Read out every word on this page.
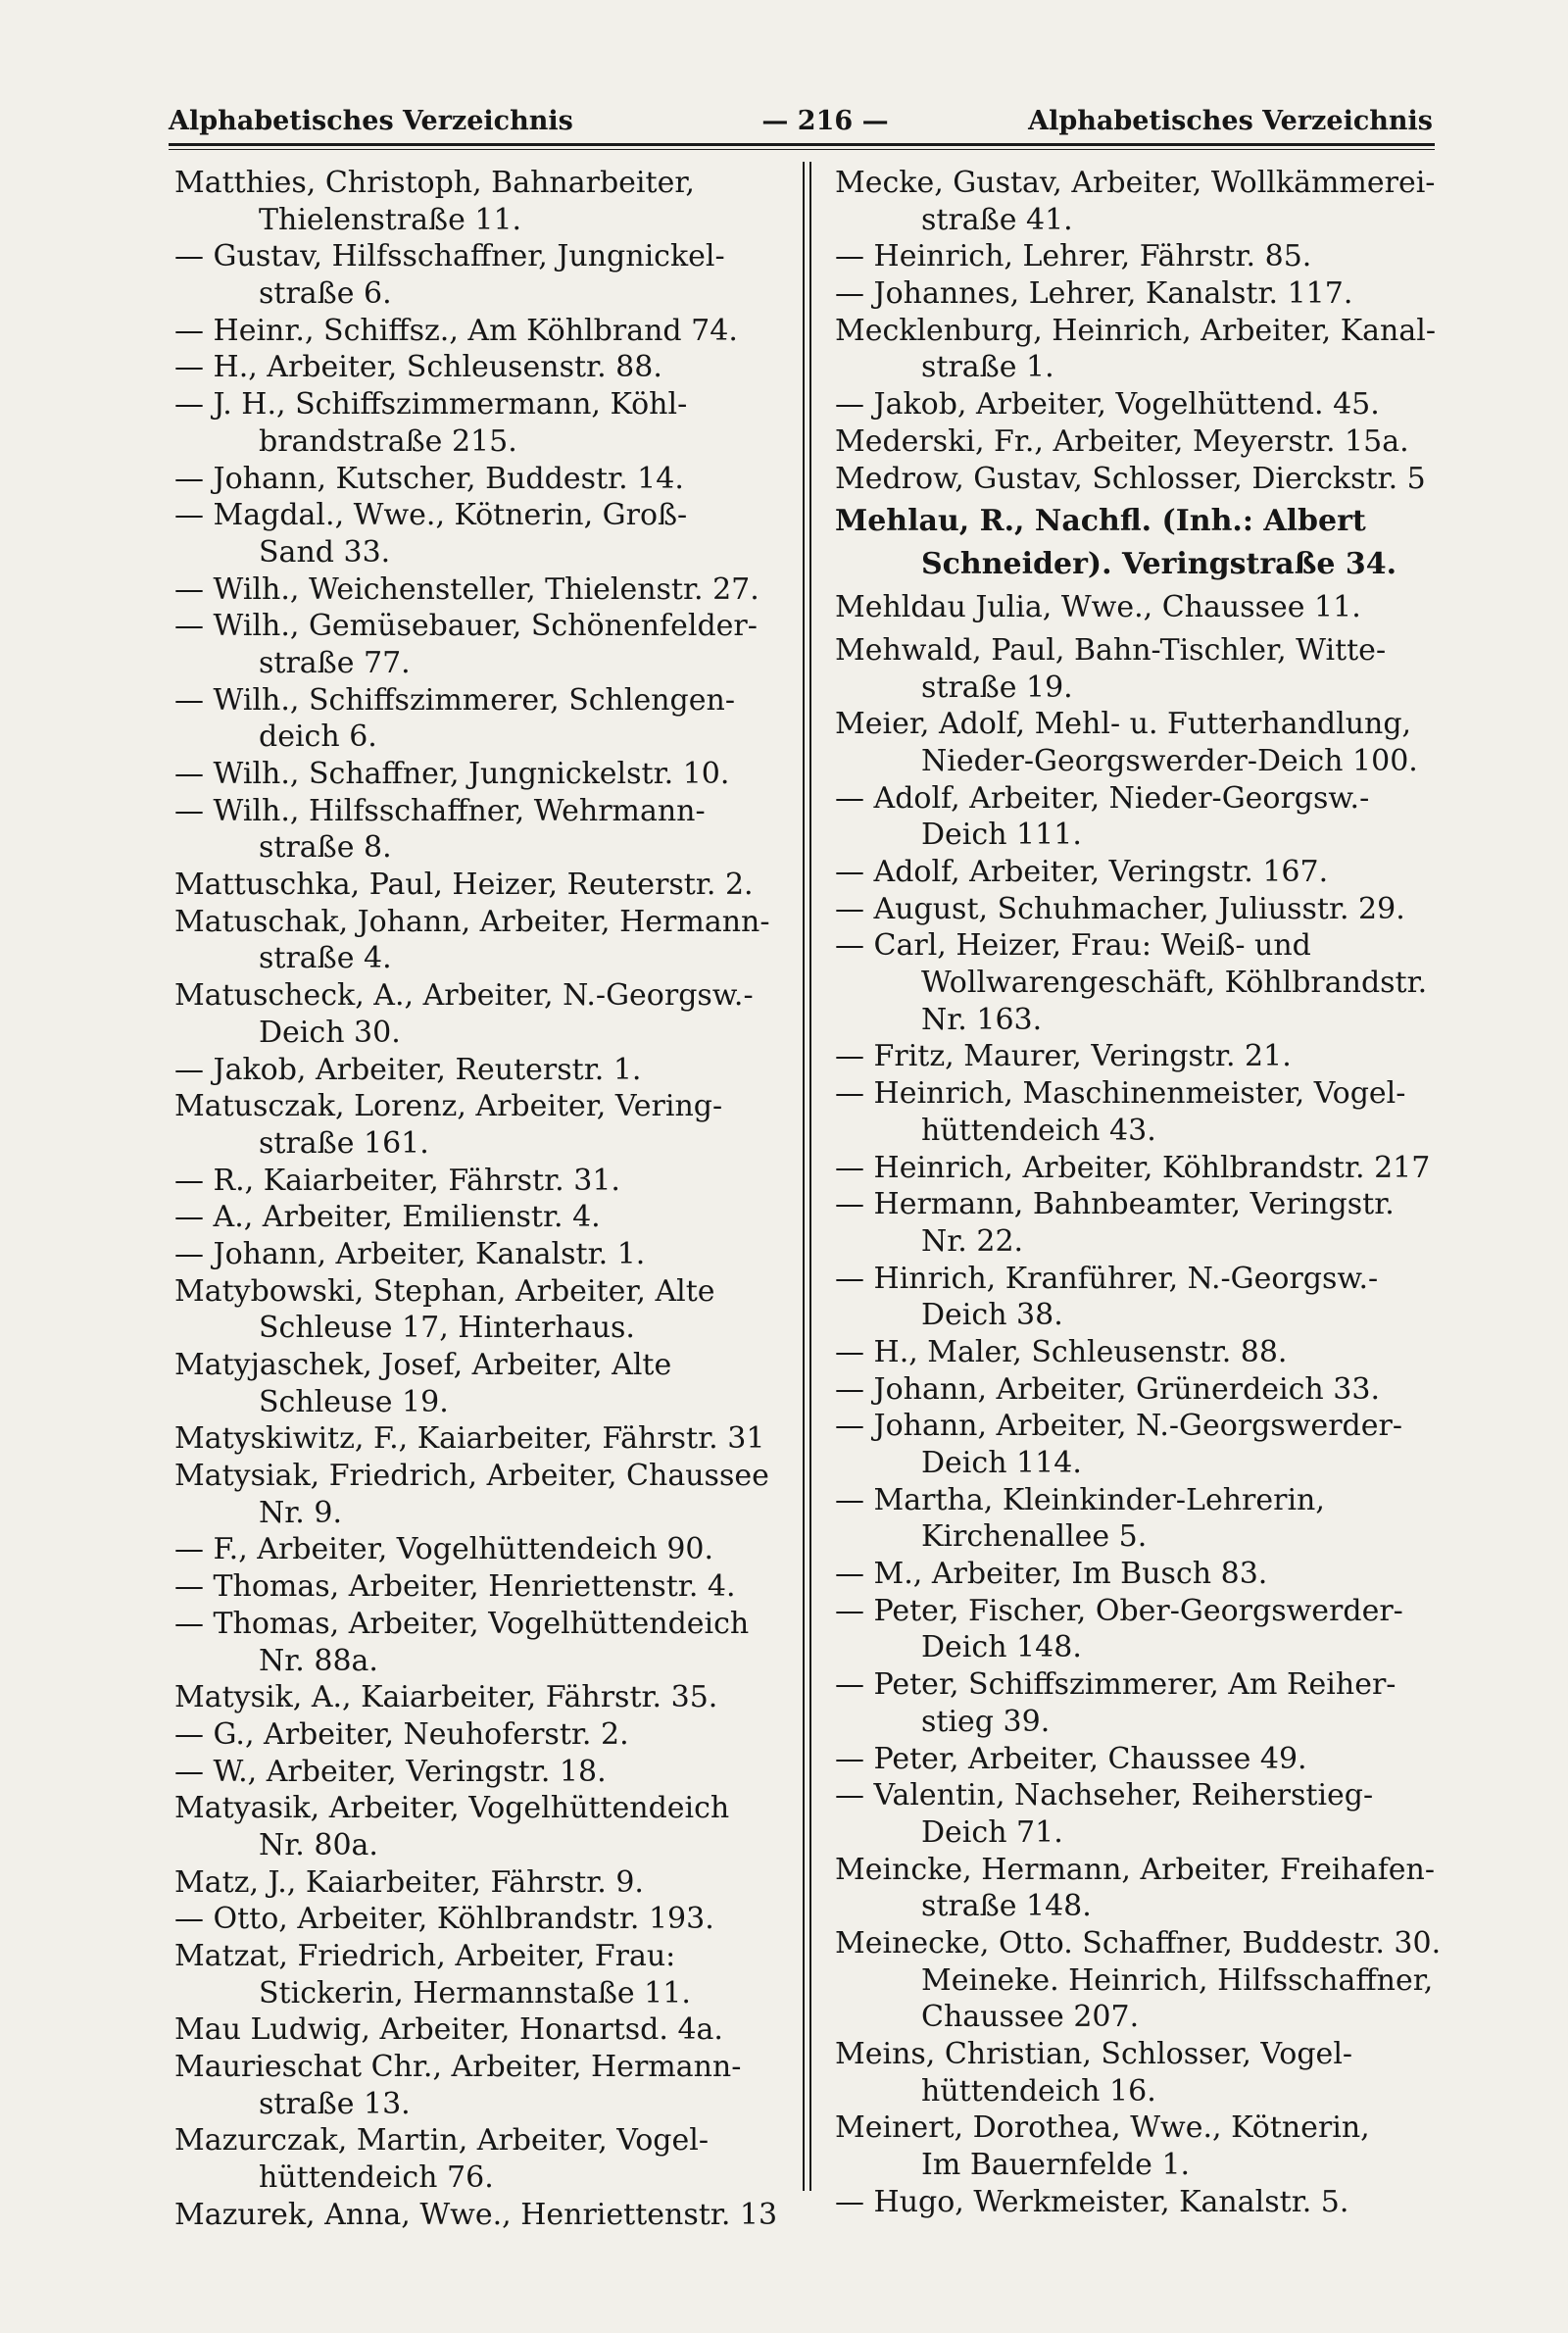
Alphabetisches Verzeichnis	— 216 —	Alphabetisches Verzeichnis
Matthies, Christoph, Bahnarbeiter,
Thielenstraße 11.
— Gustav, Hilfsschaffner, Jungnickel-
straße 6.
— Heinr., Schiffsz., Am Köhlbrand 74.
— H., Arbeiter, Schleusenstr. 88.
— J. H., Schiffszimmermann, Köhl-
brandstraße 215.
— Johann, Kutscher, Buddestr. 14.
— Magdal., Wwe., Kötnerin, Groß-
Sand 33.
— Wilh., Weichensteller, Thielenstr. 27.
— Wilh., Gemüsebauer, Schönenfelder-
straße 77.
— Wilh., Schiffszimmerer, Schlengen-
deich 6.
— Wilh., Schaffner, Jungnickelstr. 10.
— Wilh., Hilfsschaffner, Wehrmann-
straße 8.
Mattuschka, Paul, Heizer, Reuterstr. 2.
Matuschak, Johann, Arbeiter, Hermann-
straße 4.
Matuscheck, A., Arbeiter, N.-Georgsw.-
Deich 30.
— Jakob, Arbeiter, Reuterstr. 1.
Matusczak, Lorenz, Arbeiter, Vering-
straße 161.
— R., Kaiarbeiter, Fährstr. 31.
— A., Arbeiter, Emilienstr. 4.
— Johann, Arbeiter, Kanalstr. 1.
Matybowski, Stephan, Arbeiter, Alte
Schleuse 17, Hinterhaus.
Matyjaschek, Josef, Arbeiter, Alte
Schleuse 19.
Matyskiwitz, F., Kaiarbeiter, Fährstr. 31
Matysiak, Friedrich, Arbeiter, Chaussee
Nr. 9.
— F., Arbeiter, Vogelhüttendeich 90.
— Thomas, Arbeiter, Henriettenstr. 4.
— Thomas, Arbeiter, Vogelhüttendeich
Nr. 88a.
Matysik, A., Kaiarbeiter, Fährstr. 35.
— G., Arbeiter, Neuhoferstr. 2.
— W., Arbeiter, Veringstr. 18.
Matyasik, Arbeiter, Vogelhüttendeich
Nr. 80a.
Matz, J., Kaiarbeiter, Fährstr. 9.
— Otto, Arbeiter, Köhlbrandstr. 193.
Matzat, Friedrich, Arbeiter, Frau:
Stickerin, Hermannstaße 11.
Mau Ludwig, Arbeiter, Honartsd. 4a.
Maurieschat Chr., Arbeiter, Hermann-
straße 13.
Mazurczak, Martin, Arbeiter, Vogel-
hüttendeich 76.
Mazurek, Anna, Wwe., Henriettenstr. 13
Mecke, Gustav, Arbeiter, Wollkämmerei-
straße 41.
— Heinrich, Lehrer, Fährstr. 85.
— Johannes, Lehrer, Kanalstr. 117.
Mecklenburg, Heinrich, Arbeiter, Kanal-
straße 1.
— Jakob, Arbeiter, Vogelhüttend. 45.
Mederski, Fr., Arbeiter, Meyerstr. 15a.
Medrow, Gustav, Schlosser, Dierckstr. 5
Mehlau, R., Nachfl. (Inh.: Albert
Schneider). Veringstraße 34.
Mehldau Julia, Wwe., Chaussee 11.
Mehwald, Paul, Bahn-Tischler, Witte-
straße 19.
Meier, Adolf, Mehl- u. Futterhandlung,
Nieder-Georgswerder-Deich 100.
— Adolf, Arbeiter, Nieder-Georgsw.-
Deich 111.
— Adolf, Arbeiter, Veringstr. 167.
— August, Schuhmacher, Juliusstr. 29.
— Carl, Heizer, Frau: Weiß- und
Wollwarengeschäft, Köhlbrandstr.
Nr. 163.
— Fritz, Maurer, Veringstr. 21.
— Heinrich, Maschinenmeister, Vogel-
hüttendeich 43.
— Heinrich, Arbeiter, Köhlbrandstr. 217
— Hermann, Bahnbeamter, Veringstr.
Nr. 22.
— Hinrich, Kranführer, N.-Georgsw.-
Deich 38.
— H., Maler, Schleusenstr. 88.
— Johann, Arbeiter, Grünerdeich 33.
— Johann, Arbeiter, N.-Georgswerder-
Deich 114.
— Martha, Kleinkinder-Lehrerin,
Kirchenallee 5.
— M., Arbeiter, Im Busch 83.
— Peter, Fischer, Ober-Georgswerder-
Deich 148.
— Peter, Schiffszimmerer, Am Reiher-
stieg 39.
— Peter, Arbeiter, Chaussee 49.
— Valentin, Nachseher, Reiherstieg-
Deich 71.
Meincke, Hermann, Arbeiter, Freihafen-
straße 148.
Meinecke, Otto. Schaffner, Buddestr. 30.
Meineke. Heinrich, Hilfsschaffner,
Chaussee 207.
Meins, Christian, Schlosser, Vogel-
hüttendeich 16.
Meinert, Dorothea, Wwe., Kötnerin,
Im Bauernfelde 1.
— Hugo, Werkmeister, Kanalstr. 5.
